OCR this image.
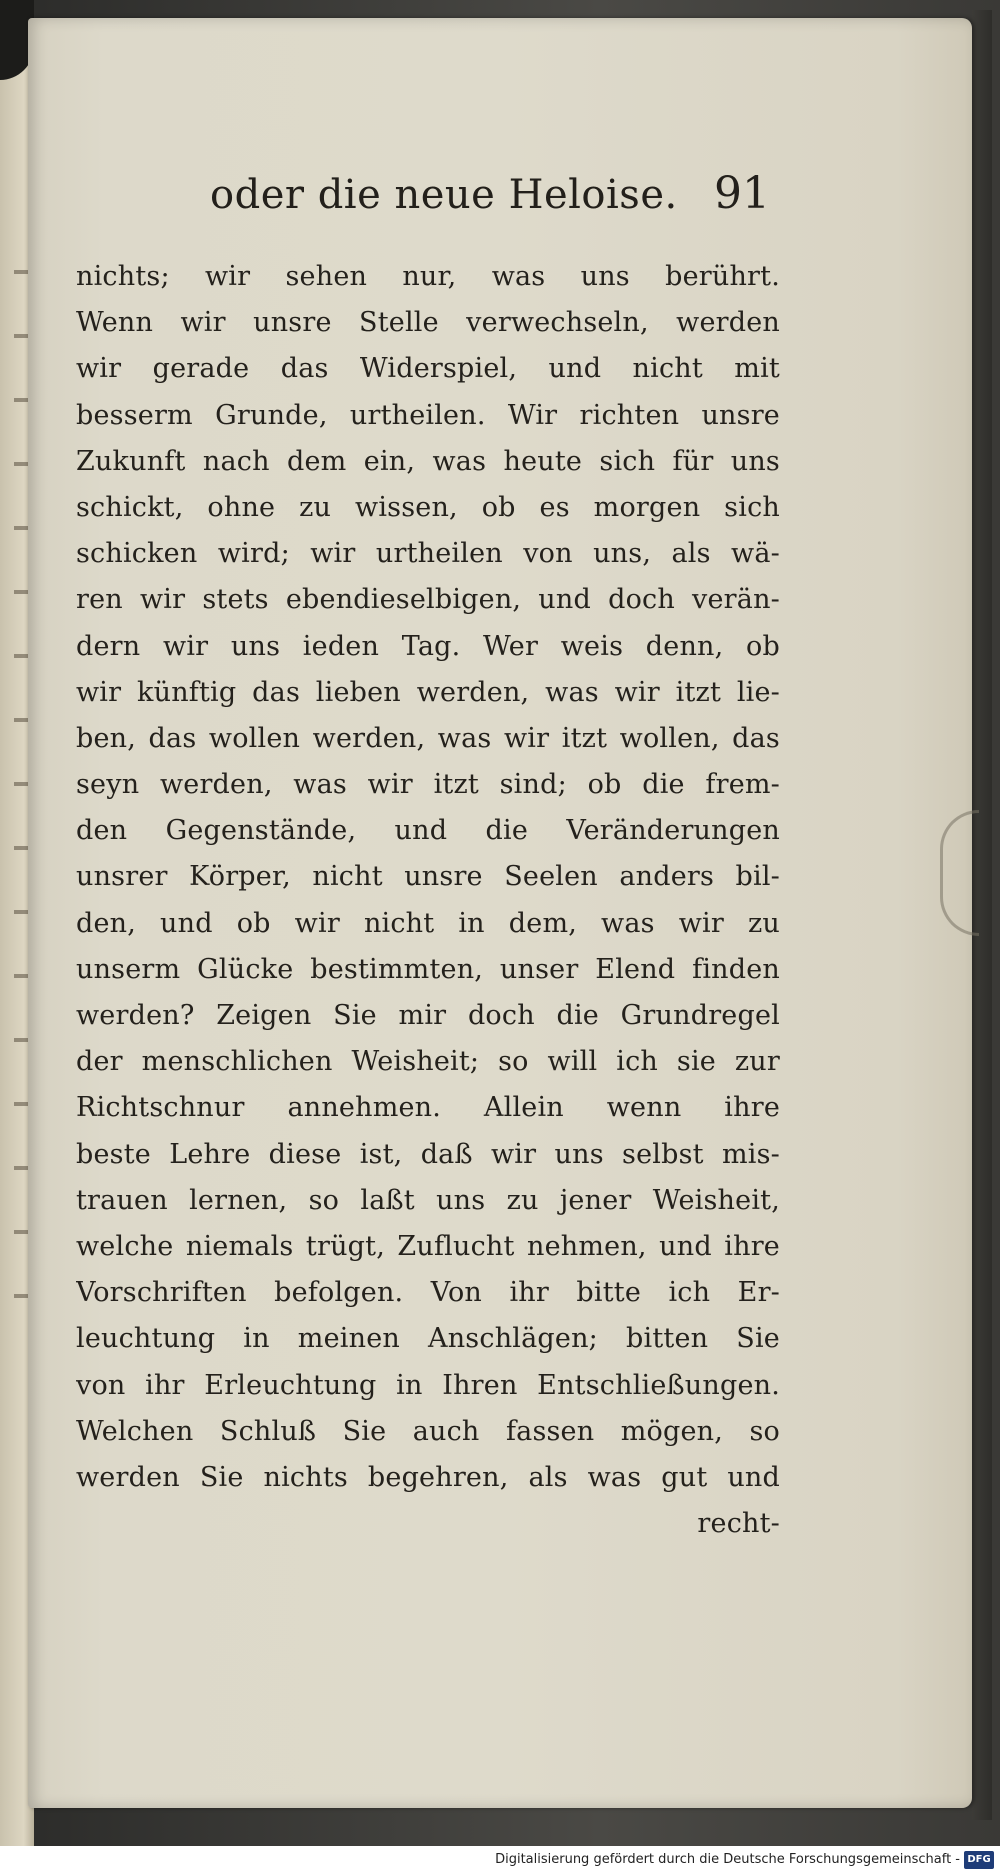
oder die neue Heloise. 91
nichts; wir sehen nur, was uns berührt.
Wenn wir unsre Stelle verwechseln, werden
wir gerade das Widerspiel, und nicht mit
besserm Grunde, urtheilen. Wir richten unsre
Zukunft nach dem ein, was heute sich für uns
schickt, ohne zu wissen, ob es morgen sich
schicken wird; wir urtheilen von uns, als wä-
ren wir stets ebendieselbigen, und doch verän-
dern wir uns ieden Tag. Wer weis denn, ob
wir künftig das lieben werden, was wir itzt lie-
ben, das wollen werden, was wir itzt wollen, das
seyn werden, was wir itzt sind; ob die frem-
den Gegenstände, und die Veränderungen
unsrer Körper, nicht unsre Seelen anders bil-
den, und ob wir nicht in dem, was wir zu
unserm Glücke bestimmten, unser Elend finden
werden? Zeigen Sie mir doch die Grundregel
der menschlichen Weisheit; so will ich sie zur
Richtschnur annehmen. Allein wenn ihre
beste Lehre diese ist, daß wir uns selbst mis-
trauen lernen, so laßt uns zu jener Weisheit,
welche niemals trügt, Zuflucht nehmen, und ihre
Vorschriften befolgen. Von ihr bitte ich Er-
leuchtung in meinen Anschlägen; bitten Sie
von ihr Erleuchtung in Ihren Entschließungen.
Welchen Schluß Sie auch fassen mögen, so
werden Sie nichts begehren, als was gut und
recht-
Digitalisierung gefördert durch die Deutsche Forschungsgemeinschaft - DFG
